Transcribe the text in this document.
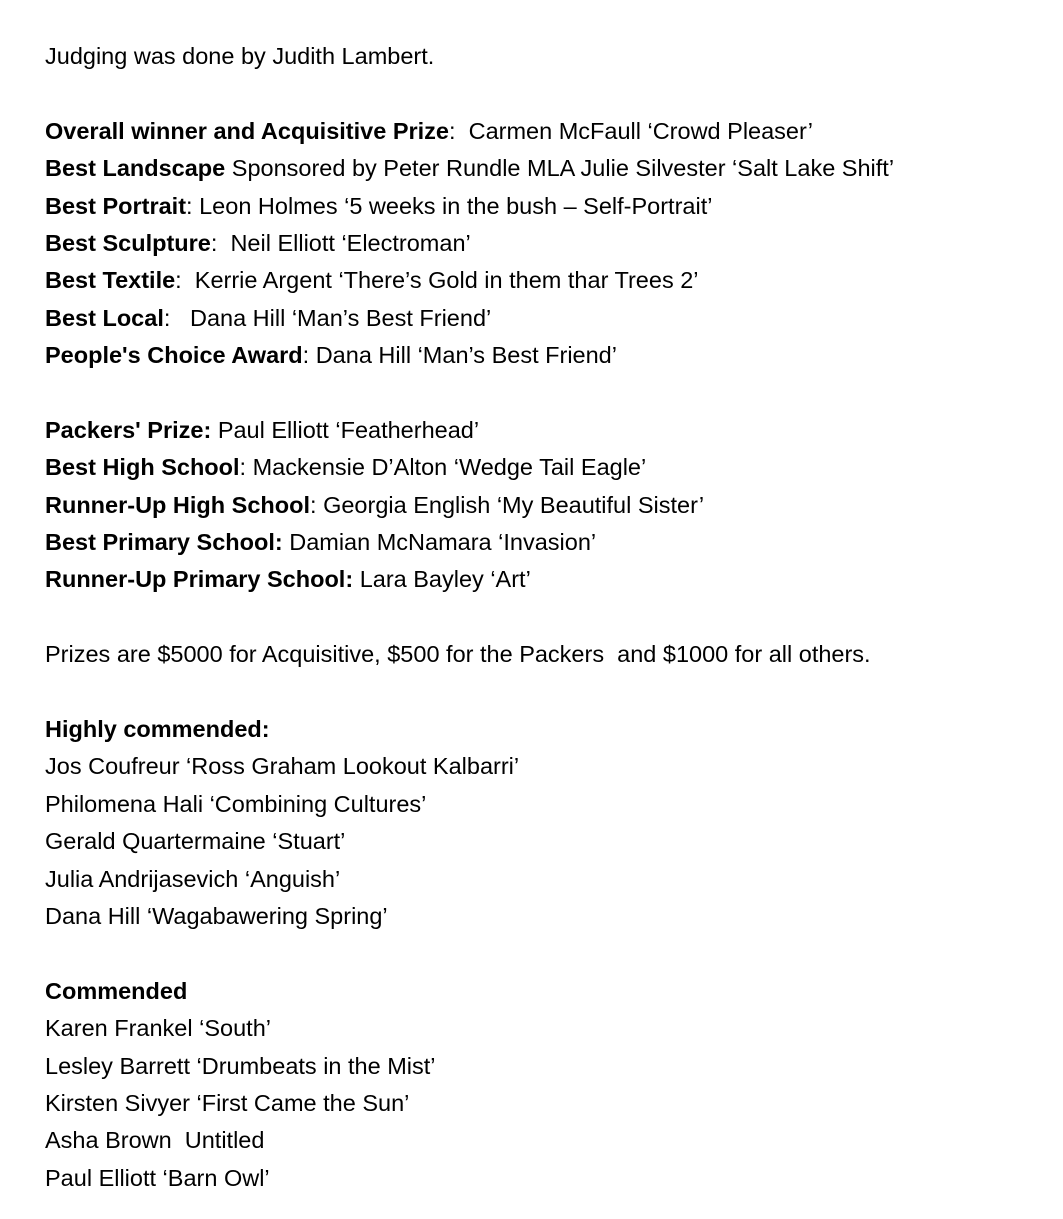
Judging was done by Judith Lambert.
Overall winner and Acquisitive Prize:  Carmen McFaull ‘Crowd Pleaser’
Best Landscape Sponsored by Peter Rundle MLA Julie Silvester ‘Salt Lake Shift’
Best Portrait: Leon Holmes ‘5 weeks in the bush – Self-Portrait’
Best Sculpture:  Neil Elliott ‘Electroman’
Best Textile:  Kerrie Argent ‘There’s Gold in them thar Trees 2’
Best Local:   Dana Hill ‘Man’s Best Friend’
People's Choice Award: Dana Hill ‘Man’s Best Friend’
Packers' Prize: Paul Elliott ‘Featherhead’
Best High School: Mackensie D’Alton ‘Wedge Tail Eagle’
Runner-Up High School: Georgia English ‘My Beautiful Sister’
Best Primary School: Damian McNamara ‘Invasion’
Runner-Up Primary School: Lara Bayley ‘Art’
Prizes are $5000 for Acquisitive, $500 for the Packers  and $1000 for all others.
Highly commended:
Jos Coufreur ‘Ross Graham Lookout Kalbarri’
Philomena Hali ‘Combining Cultures’
Gerald Quartermaine ‘Stuart’
Julia Andrijasevich ‘Anguish’
Dana Hill ‘Wagabawering Spring’
Commended
Karen Frankel ‘South’
Lesley Barrett ‘Drumbeats in the Mist’
Kirsten Sivyer ‘First Came the Sun’
Asha Brown  Untitled
Paul Elliott ‘Barn Owl’
